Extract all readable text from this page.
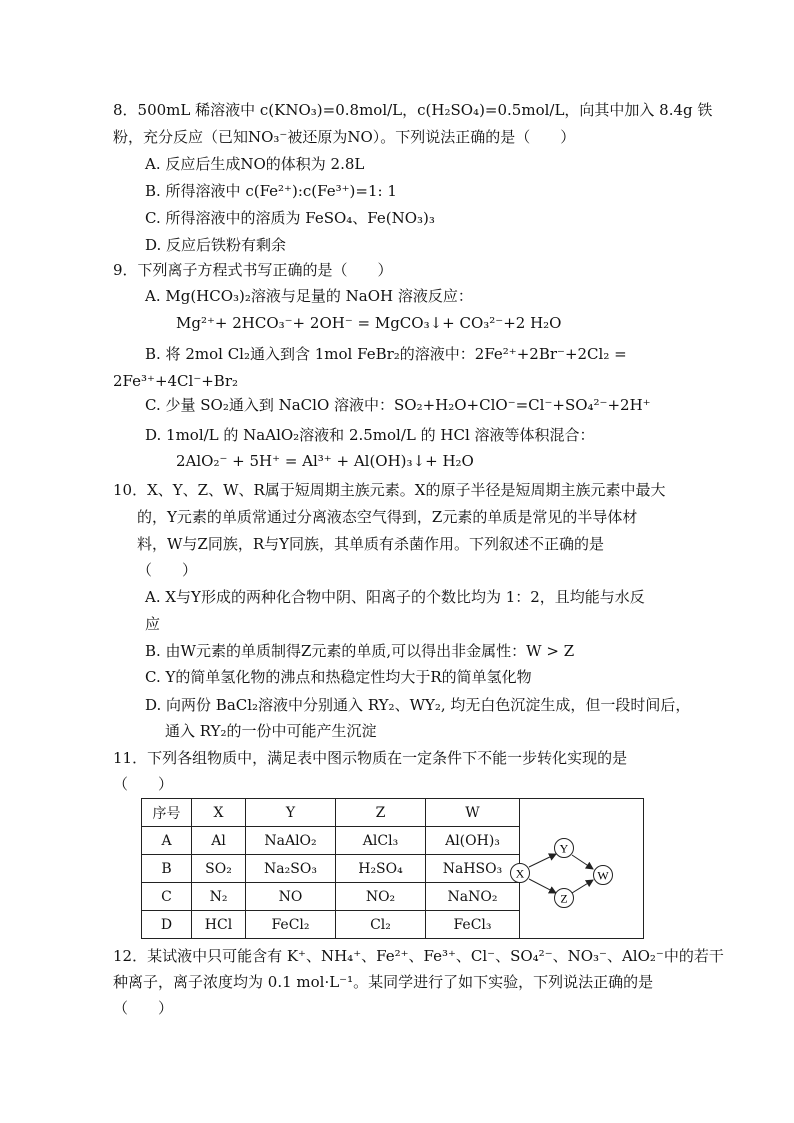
8．500mL 稀溶液中 c(KNO₃)=0.8mol/L，c(H₂SO₄)=0.5mol/L，向其中加入 8.4g 铁
粉，充分反应（已知NO₃⁻被还原为NO）。下列说法正确的是（　　）
A. 反应后生成NO的体积为 2.8L
B. 所得溶液中 c(Fe²⁺):c(Fe³⁺)=1: 1
C. 所得溶液中的溶质为 FeSO₄、Fe(NO₃)₃
D. 反应后铁粉有剩余
9．下列离子方程式书写正确的是（　　）
A. Mg(HCO₃)₂溶液与足量的 NaOH 溶液反应：
Mg²⁺+ 2HCO₃⁻+ 2OH⁻ = MgCO₃↓+ CO₃²⁻+2 H₂O
B. 将 2mol Cl₂通入到含 1mol FeBr₂的溶液中：2Fe²⁺+2Br⁻+2Cl₂ =
2Fe³⁺+4Cl⁻+Br₂
C. 少量 SO₂通入到 NaClO 溶液中：SO₂+H₂O+ClO⁻=Cl⁻+SO₄²⁻+2H⁺
D. 1mol/L 的 NaAlO₂溶液和 2.5mol/L 的 HCl 溶液等体积混合：
2AlO₂⁻ + 5H⁺ = Al³⁺ + Al(OH)₃↓+ H₂O
10．X、Y、Z、W、R属于短周期主族元素。X的原子半径是短周期主族元素中最大
的，Y元素的单质常通过分离液态空气得到，Z元素的单质是常见的半导体材
料，W与Z同族，R与Y同族，其单质有杀菌作用。下列叙述不正确的是
（　　）
A. X与Y形成的两种化合物中阴、阳离子的个数比均为 1：2，且均能与水反
应
B. 由W元素的单质制得Z元素的单质,可以得出非金属性：W > Z
C. Y的简单氢化物的沸点和热稳定性均大于R的简单氢化物
D. 向两份 BaCl₂溶液中分别通入 RY₂、WY₂, 均无白色沉淀生成，但一段时间后，
通入 RY₂的一份中可能产生沉淀
11．下列各组物质中，满足表中图示物质在一定条件下不能一步转化实现的是
（　　）
序号	X	Y	Z	W	
A	Al	NaAlO₂	AlCl₃	Al(OH)₃	
B	SO₂	Na₂SO₃	H₂SO₄	NaHSO₃	
C	N₂	NO	NO₂	NaNO₂	
D	HCl	FeCl₂	Cl₂	FeCl₃	
X
Y
Z
W
12．某试液中只可能含有 K⁺、NH₄⁺、Fe²⁺、Fe³⁺、Cl⁻、SO₄²⁻、NO₃⁻、AlO₂⁻中的若干
种离子，离子浓度均为 0.1 mol·L⁻¹。某同学进行了如下实验，下列说法正确的是
（　　）
